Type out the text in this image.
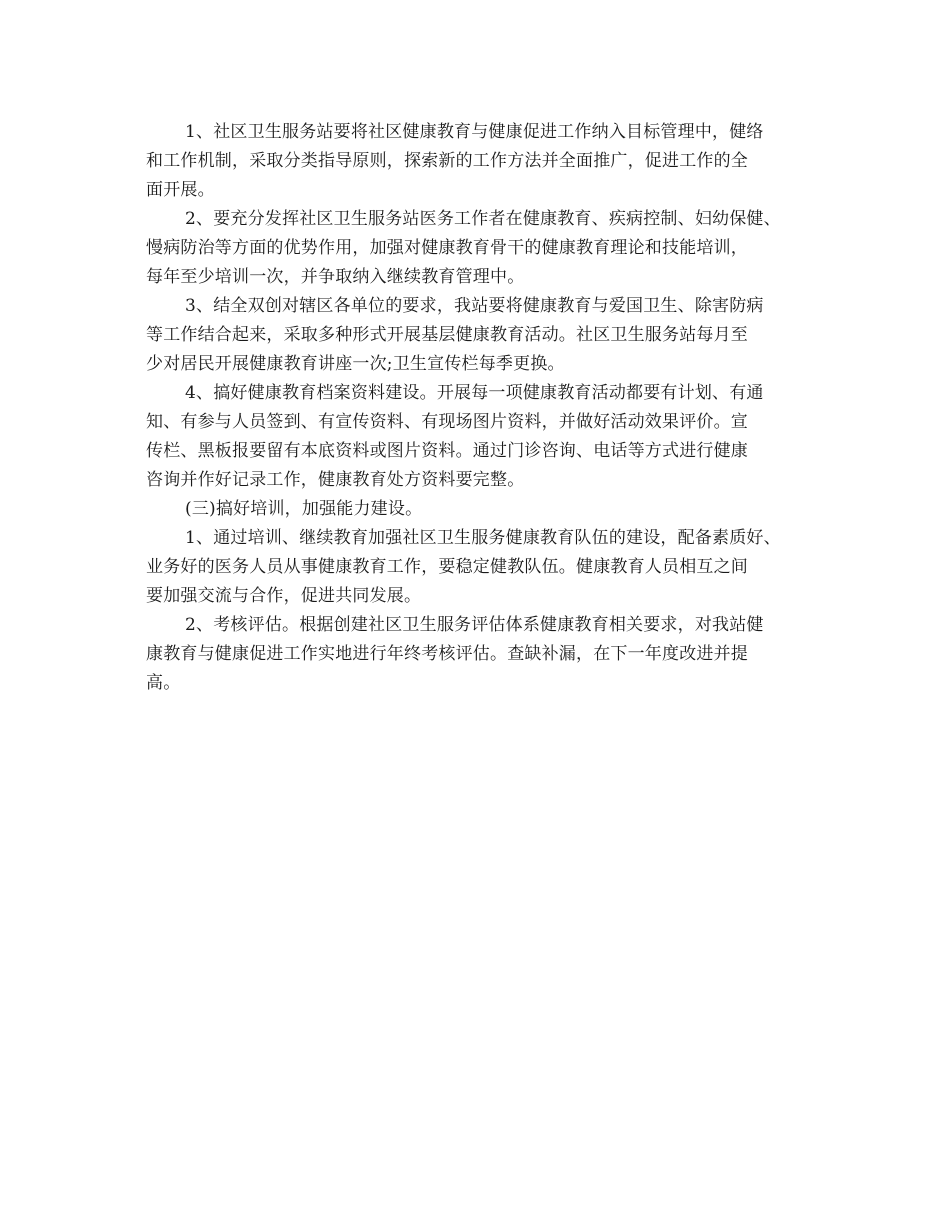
1、社区卫生服务站要将社区健康教育与健康促进工作纳入目标管理中，健络
和工作机制，采取分类指导原则，探索新的工作方法并全面推广，促进工作的全
面开展。
2、要充分发挥社区卫生服务站医务工作者在健康教育、疾病控制、妇幼保健、
慢病防治等方面的优势作用，加强对健康教育骨干的健康教育理论和技能培训，
每年至少培训一次，并争取纳入继续教育管理中。
3、结全双创对辖区各单位的要求，我站要将健康教育与爱国卫生、除害防病
等工作结合起来，采取多种形式开展基层健康教育活动。社区卫生服务站每月至
少对居民开展健康教育讲座一次;卫生宣传栏每季更换。
4、搞好健康教育档案资料建设。开展每一项健康教育活动都要有计划、有通
知、有参与人员签到、有宣传资料、有现场图片资料，并做好活动效果评价。宣
传栏、黑板报要留有本底资料或图片资料。通过门诊咨询、电话等方式进行健康
咨询并作好记录工作，健康教育处方资料要完整。
(三)搞好培训，加强能力建设。
1、通过培训、继续教育加强社区卫生服务健康教育队伍的建设，配备素质好、
业务好的医务人员从事健康教育工作，要稳定健教队伍。健康教育人员相互之间
要加强交流与合作，促进共同发展。
2、考核评估。根据创建社区卫生服务评估体系健康教育相关要求，对我站健
康教育与健康促进工作实地进行年终考核评估。查缺补漏，在下一年度改进并提
高。
